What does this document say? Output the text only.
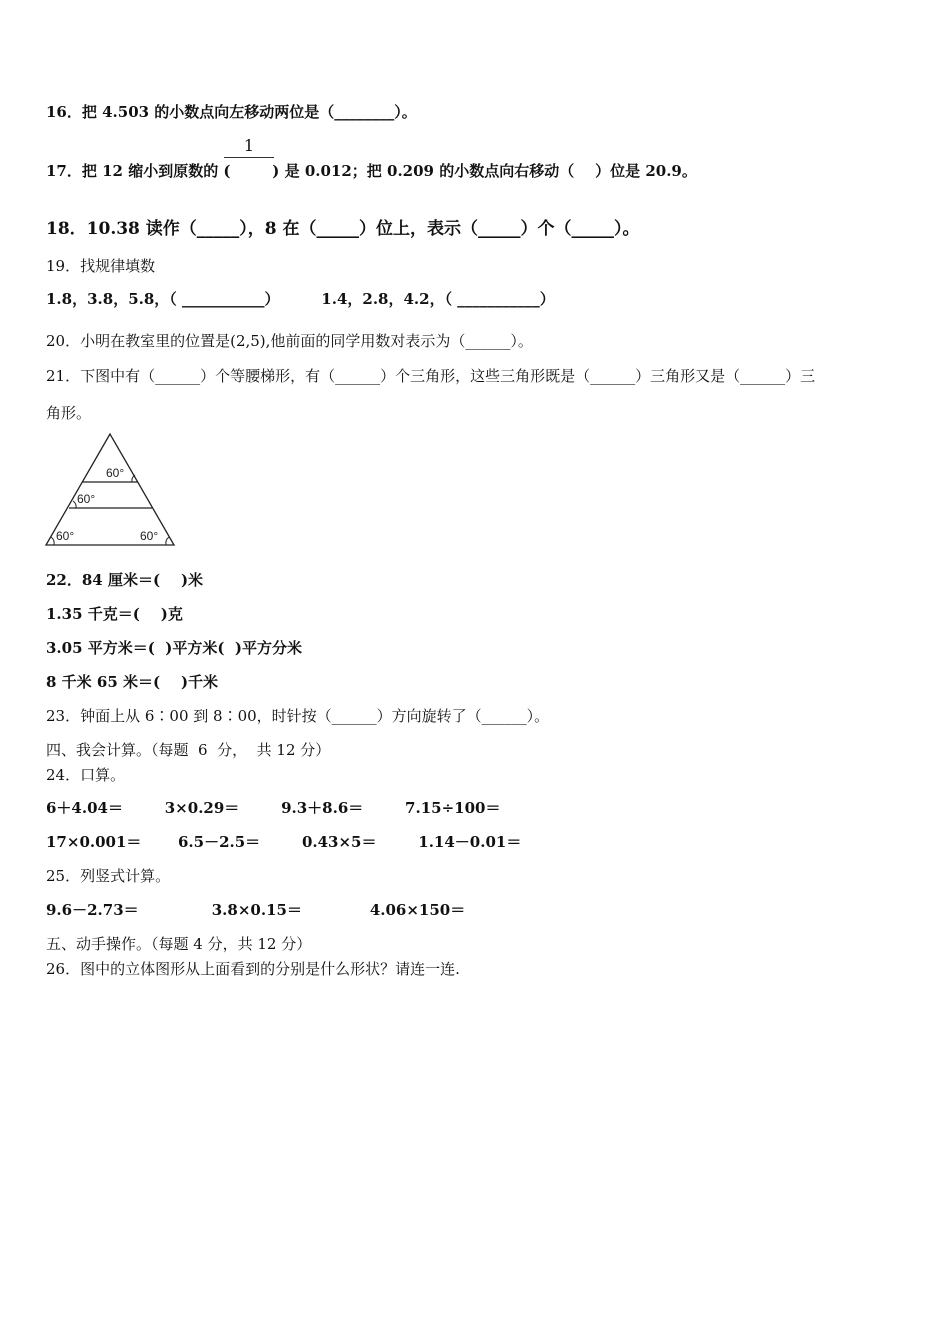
16．把 4.503 的小数点向左移动两位是（________）。
1
17．把 12 缩小到原数的 (        ) 是 0.012；把 0.209 的小数点向右移动（    ）位是 20.9。
18．10.38 读作（_____），8 在（_____）位上，表示（_____）个（_____）。
19．找规律填数
1.8，3.8，5.8，（ ___________）        1.4，2.8，4.2，（ ___________）
20．小明在教室里的位置是(2,5),他前面的同学用数对表示为（______）。
21．下图中有（______）个等腰梯形，有（______）个三角形，这些三角形既是（______）三角形又是（______）三
角形。
60°
60°
60°	60°
22．84 厘米＝(    )米
1.35 千克＝(    )克
3.05 平方米＝(  )平方米(  )平方分米
8 千米 65 米＝(    )千米
23．钟面上从 6∶00 到 8∶00，时针按（______）方向旋转了（______）。
四、我会计算。（每题  6  分，  共 12 分）
24．口算。
6＋4.04＝        3×0.29＝        9.3＋8.6＝        7.15÷100＝
17×0.001＝       6.5－2.5＝        0.43×5＝        1.14－0.01＝
25．列竖式计算。
9.6－2.73＝              3.8×0.15＝             4.06×150＝
五、动手操作。（每题 4 分，共 12 分）
26．图中的立体图形从上面看到的分别是什么形状？请连一连.
